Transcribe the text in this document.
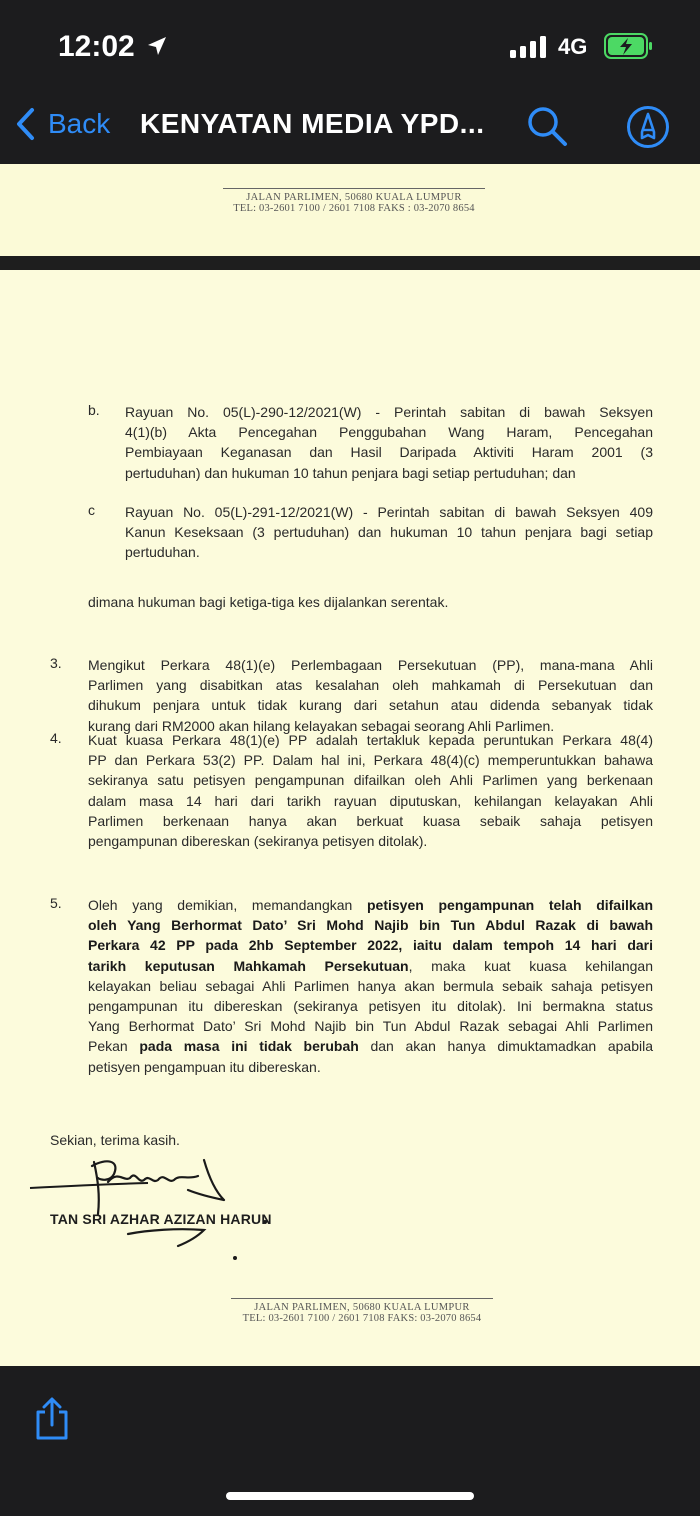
12:02	4G
Back KENYATAN MEDIA YPD...
JALAN PARLIMEN, 50680 KUALA LUMPUR
TEL: 03-2601 7100 / 2601 7108 FAKS : 03-2070 8654
b. Rayuan No. 05(L)-290-12/2021(W) - Perintah sabitan di bawah Seksyen
4(1)(b) Akta Pencegahan Penggubahan Wang Haram, Pencegahan
Pembiayaan Keganasan dan Hasil Daripada Aktiviti Haram 2001 (3
pertuduhan) dan hukuman 10 tahun penjara bagi setiap pertuduhan; dan
c Rayuan No. 05(L)-291-12/2021(W) - Perintah sabitan di bawah Seksyen 409
Kanun Keseksaan (3 pertuduhan) dan hukuman 10 tahun penjara bagi setiap
pertuduhan.
dimana hukuman bagi ketiga-tiga kes dijalankan serentak.
3. Mengikut Perkara 48(1)(e) Perlembagaan Persekutuan (PP), mana-mana Ahli
Parlimen yang disabitkan atas kesalahan oleh mahkamah di Persekutuan dan
dihukum penjara untuk tidak kurang dari setahun atau didenda sebanyak tidak
kurang dari RM2000 akan hilang kelayakan sebagai seorang Ahli Parlimen.
4. Kuat kuasa Perkara 48(1)(e) PP adalah tertakluk kepada peruntukan Perkara 48(4)
PP dan Perkara 53(2) PP. Dalam hal ini, Perkara 48(4)(c) memperuntukkan bahawa
sekiranya satu petisyen pengampunan difailkan oleh Ahli Parlimen yang berkenaan
dalam masa 14 hari dari tarikh rayuan diputuskan, kehilangan kelayakan Ahli
Parlimen berkenaan hanya akan berkuat kuasa sebaik sahaja petisyen
pengampunan dibereskan (sekiranya petisyen ditolak).
5. Oleh yang demikian, memandangkan petisyen pengampunan telah difailkan
oleh Yang Berhormat Dato’ Sri Mohd Najib bin Tun Abdul Razak di bawah
Perkara 42 PP pada 2hb September 2022, iaitu dalam tempoh 14 hari dari
tarikh keputusan Mahkamah Persekutuan, maka kuat kuasa kehilangan
kelayakan beliau sebagai Ahli Parlimen hanya akan bermula sebaik sahaja petisyen
pengampunan itu dibereskan (sekiranya petisyen itu ditolak). Ini bermakna status
Yang Berhormat Dato’ Sri Mohd Najib bin Tun Abdul Razak sebagai Ahli Parlimen
Pekan pada masa ini tidak berubah dan akan hanya dimuktamadkan apabila
petisyen pengampuan itu dibereskan.
Sekian, terima kasih.
TAN SRI AZHAR AZIZAN HARUN
JALAN PARLIMEN, 50680 KUALA LUMPUR
TEL: 03-2601 7100 / 2601 7108 FAKS: 03-2070 8654
